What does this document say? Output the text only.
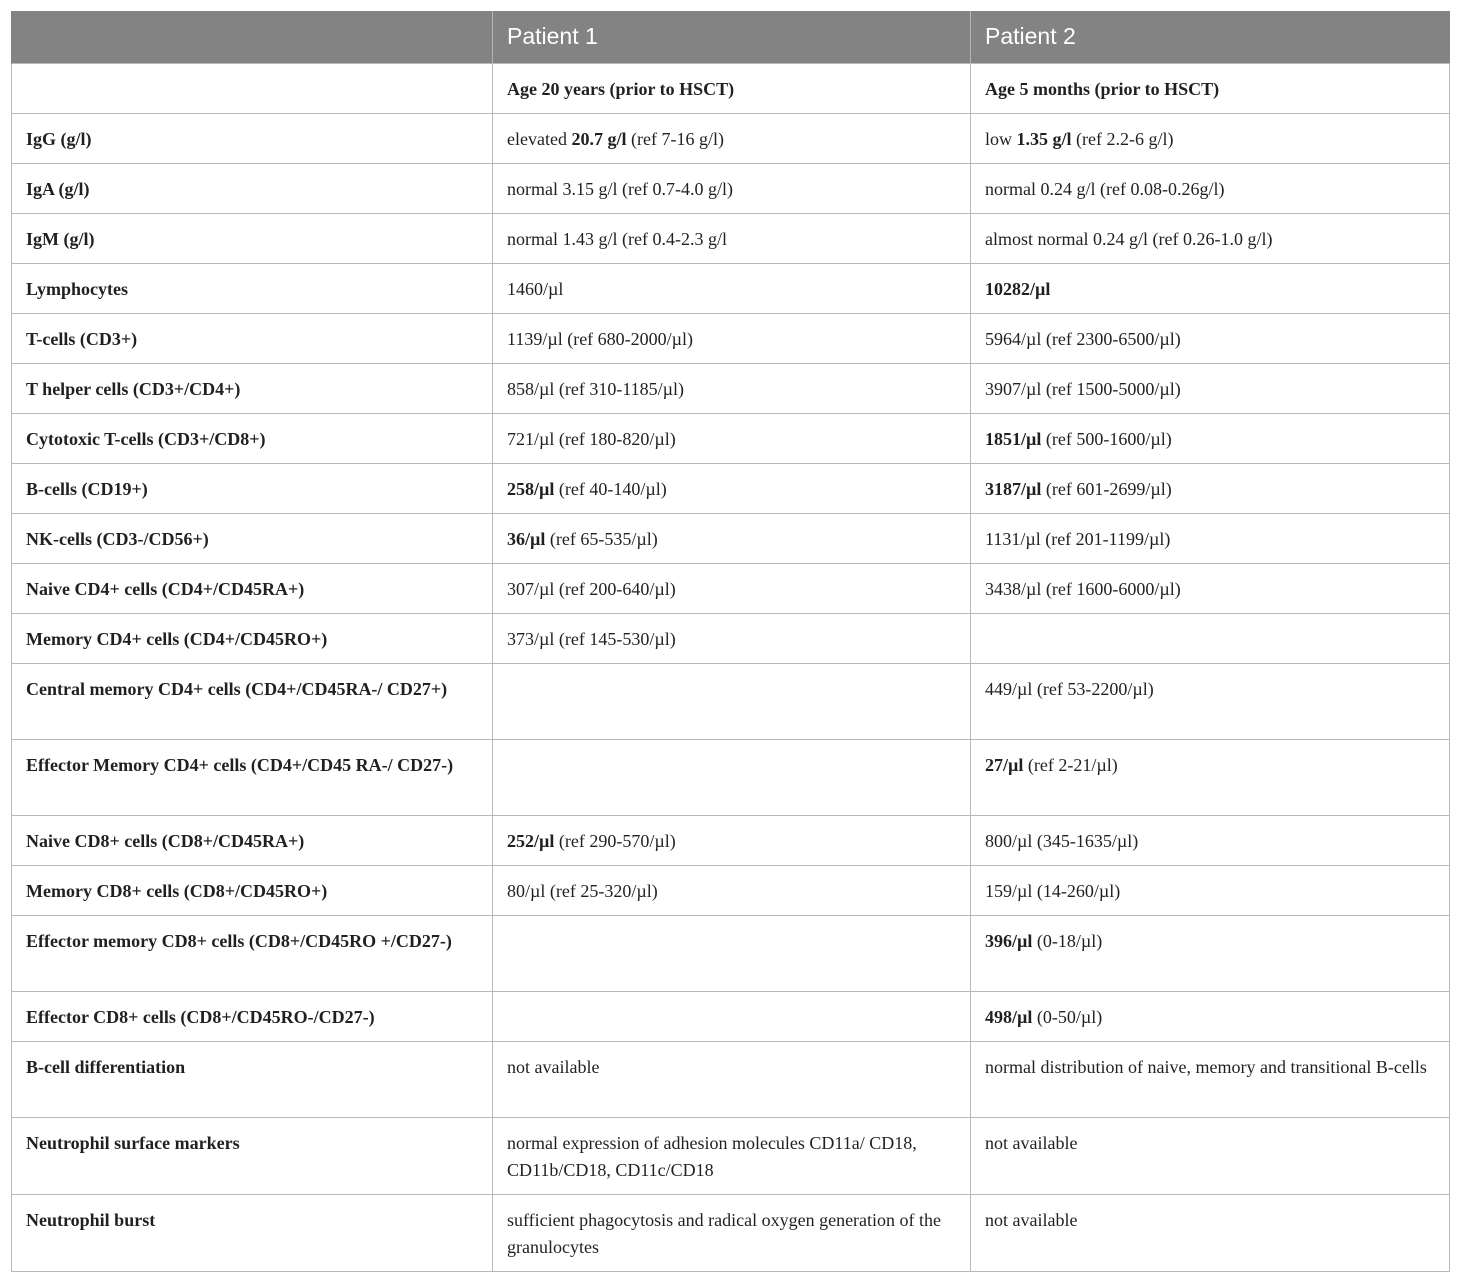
	Patient 1	Patient 2
	Age 20 years (prior to HSCT)	Age 5 months (prior to HSCT)
IgG (g/l)	elevated 20.7 g/l (ref 7-16 g/l)	low 1.35 g/l (ref 2.2-6 g/l)
IgA (g/l)	normal 3.15 g/l (ref 0.7-4.0 g/l)	normal 0.24 g/l (ref 0.08-0.26g/l)
IgM (g/l)	normal 1.43 g/l (ref 0.4-2.3 g/l	almost normal 0.24 g/l (ref 0.26-1.0 g/l)
Lymphocytes	1460/µl	10282/µl
T-cells (CD3+)	1139/µl (ref 680-2000/µl)	5964/µl (ref 2300-6500/µl)
T helper cells (CD3+/CD4+)	858/µl (ref 310-1185/µl)	3907/µl (ref 1500-5000/µl)
Cytotoxic T-cells (CD3+/CD8+)	721/µl (ref 180-820/µl)	1851/µl (ref 500-1600/µl)
B-cells (CD19+)	258/µl (ref 40-140/µl)	3187/µl (ref 601-2699/µl)
NK-cells (CD3-/CD56+)	36/µl (ref 65-535/µl)	1131/µl (ref 201-1199/µl)
Naive CD4+ cells (CD4+/CD45RA+)	307/µl (ref 200-640/µl)	3438/µl (ref 1600-6000/µl)
Memory CD4+ cells (CD4+/CD45RO+)	373/µl (ref 145-530/µl)	
Central memory CD4+ cells (CD4+/CD45RA-/ CD27+)		449/µl (ref 53-2200/µl)
Effector Memory CD4+ cells (CD4+/CD45 RA-/ CD27-)		27/µl (ref 2-21/µl)
Naive CD8+ cells (CD8+/CD45RA+)	252/µl (ref 290-570/µl)	800/µl (345-1635/µl)
Memory CD8+ cells (CD8+/CD45RO+)	80/µl (ref 25-320/µl)	159/µl (14-260/µl)
Effector memory CD8+ cells (CD8+/CD45RO +/CD27-)		396/µl (0-18/µl)
Effector CD8+ cells (CD8+/CD45RO-/CD27-)		498/µl (0-50/µl)
B-cell differentiation	not available	normal distribution of naive, memory and transitional B-cells
Neutrophil surface markers	normal expression of adhesion molecules CD11a/ CD18, CD11b/CD18, CD11c/CD18	not available
Neutrophil burst	sufficient phagocytosis and radical oxygen generation of the granulocytes	not available
